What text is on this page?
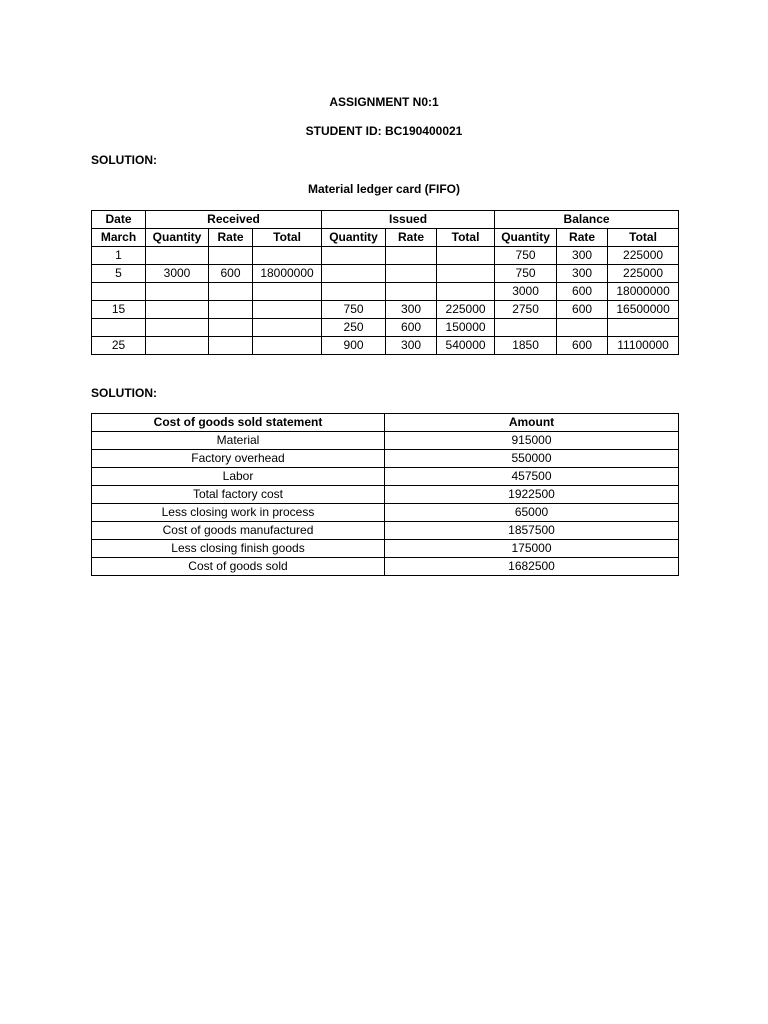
ASSIGNMENT N0:1
STUDENT ID: BC190400021
SOLUTION:
Material ledger card (FIFO)
Date	Received			Issued			Balance		
March	Quantity	Rate	Total	Quantity	Rate	Total	Quantity	Rate	Total
1							750	300	225000
5	3000	600	18000000				750	300	225000
							3000	600	18000000
15				750	300	225000	2750	600	16500000
				250	600	150000			
25				900	300	540000	1850	600	11100000
SOLUTION:
Cost of goods sold statement	Amount
Material	915000
Factory overhead	550000
Labor	457500
Total factory cost	1922500
Less closing work in process	65000
Cost of goods manufactured	1857500
Less closing finish goods	175000
Cost of goods sold	1682500
